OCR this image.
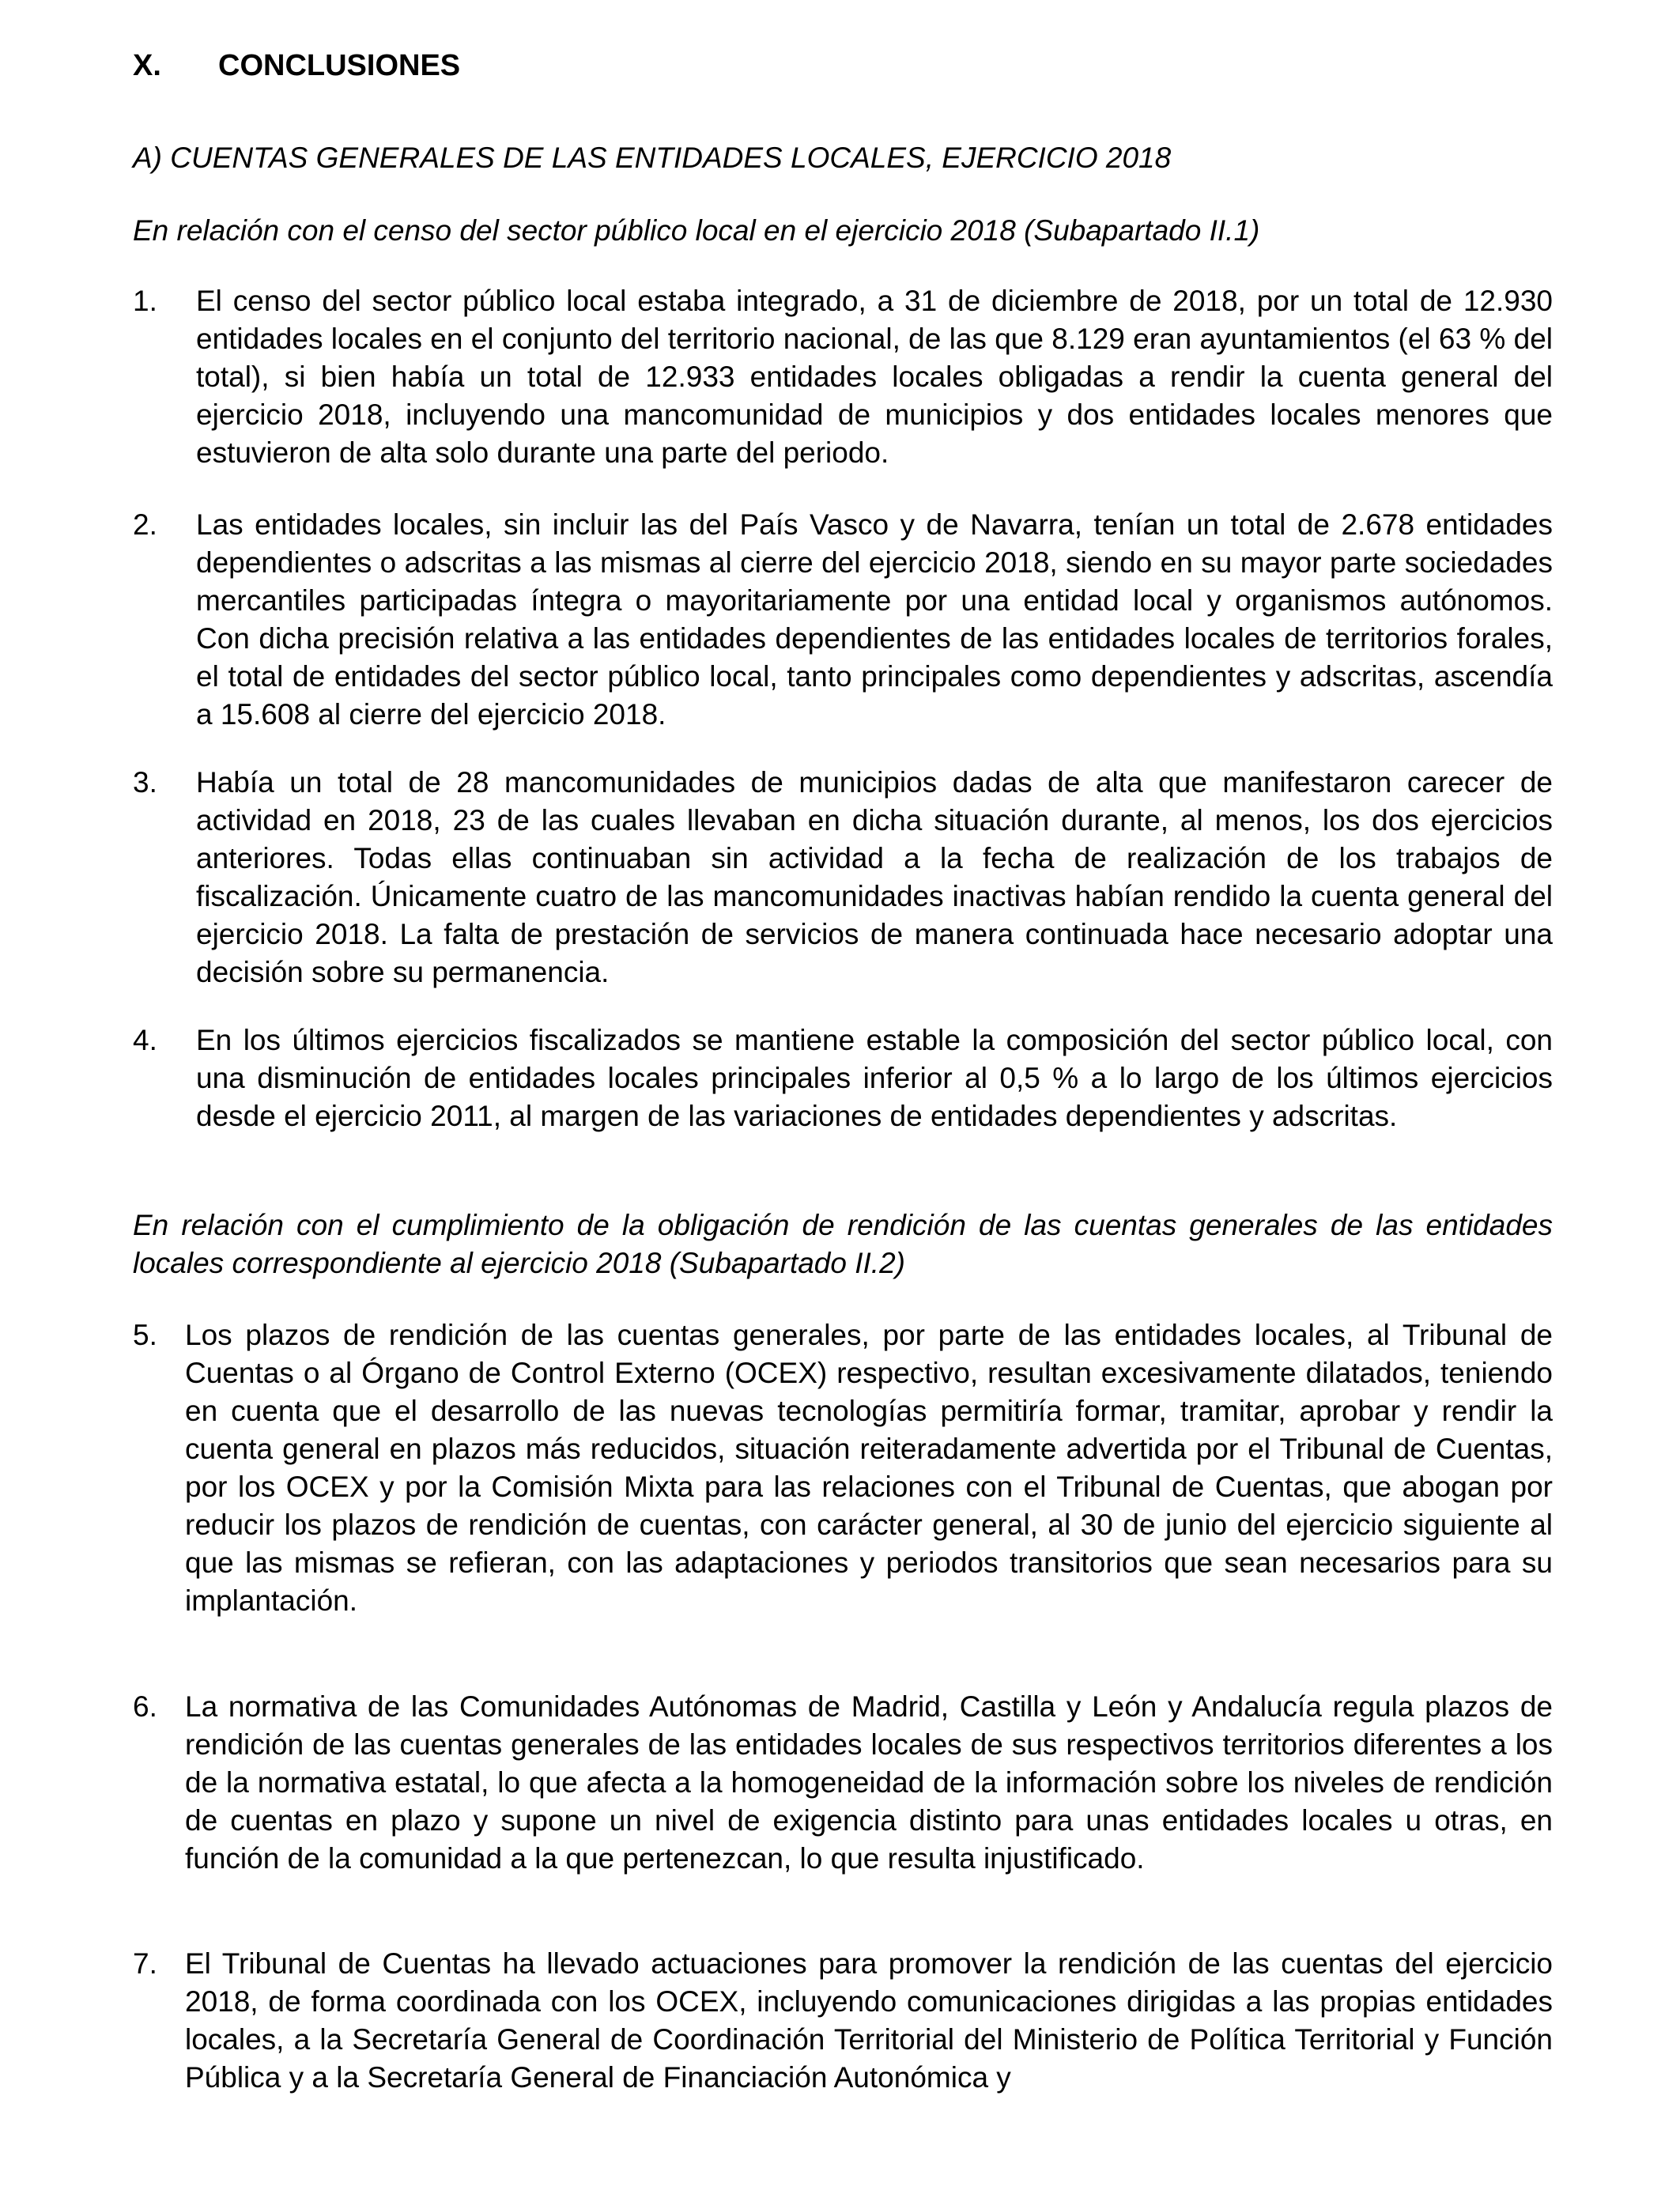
X. CONCLUSIONES
A) CUENTAS GENERALES DE LAS ENTIDADES LOCALES, EJERCICIO 2018
En relación con el censo del sector público local en el ejercicio 2018 (Subapartado II.1)
1.	El censo del sector público local estaba integrado, a 31 de diciembre de 2018, por un total de 12.930 entidades locales en el conjunto del territorio nacional, de las que 8.129 eran ayuntamientos (el 63 % del total), si bien había un total de 12.933 entidades locales obligadas a rendir la cuenta general del ejercicio 2018, incluyendo una mancomunidad de municipios y dos entidades locales menores que estuvieron de alta solo durante una parte del periodo.
2.	Las entidades locales, sin incluir las del País Vasco y de Navarra, tenían un total de 2.678 entidades dependientes o adscritas a las mismas al cierre del ejercicio 2018, siendo en su mayor parte sociedades mercantiles participadas íntegra o mayoritariamente por una entidad local y organismos autónomos. Con dicha precisión relativa a las entidades dependientes de las entidades locales de territorios forales, el total de entidades del sector público local, tanto principales como dependientes y adscritas, ascendía a 15.608 al cierre del ejercicio 2018.
3.	Había un total de 28 mancomunidades de municipios dadas de alta que manifestaron carecer de actividad en 2018, 23 de las cuales llevaban en dicha situación durante, al menos, los dos ejercicios anteriores. Todas ellas continuaban sin actividad a la fecha de realización de los trabajos de fiscalización. Únicamente cuatro de las mancomunidades inactivas habían rendido la cuenta general del ejercicio 2018. La falta de prestación de servicios de manera continuada hace necesario adoptar una decisión sobre su permanencia.
4.	En los últimos ejercicios fiscalizados se mantiene estable la composición del sector público local, con una disminución de entidades locales principales inferior al 0,5 % a lo largo de los últimos ejercicios desde el ejercicio 2011, al margen de las variaciones de entidades dependientes y adscritas.
En relación con el cumplimiento de la obligación de rendición de las cuentas generales de las entidades locales correspondiente al ejercicio 2018 (Subapartado II.2)
5. Los plazos de rendición de las cuentas generales, por parte de las entidades locales, al Tribunal de Cuentas o al Órgano de Control Externo (OCEX) respectivo, resultan excesivamente dilatados, teniendo en cuenta que el desarrollo de las nuevas tecnologías permitiría formar, tramitar, aprobar y rendir la cuenta general en plazos más reducidos, situación reiteradamente advertida por el Tribunal de Cuentas, por los OCEX y por la Comisión Mixta para las relaciones con el Tribunal de Cuentas, que abogan por reducir los plazos de rendición de cuentas, con carácter general, al 30 de junio del ejercicio siguiente al que las mismas se refieran, con las adaptaciones y periodos transitorios que sean necesarios para su implantación.
6. La normativa de las Comunidades Autónomas de Madrid, Castilla y León y Andalucía regula plazos de rendición de las cuentas generales de las entidades locales de sus respectivos territorios diferentes a los de la normativa estatal, lo que afecta a la homogeneidad de la información sobre los niveles de rendición de cuentas en plazo y supone un nivel de exigencia distinto para unas entidades locales u otras, en función de la comunidad a la que pertenezcan, lo que resulta injustificado.
7. El Tribunal de Cuentas ha llevado actuaciones para promover la rendición de las cuentas del ejercicio 2018, de forma coordinada con los OCEX, incluyendo comunicaciones dirigidas a las propias entidades locales, a la Secretaría General de Coordinación Territorial del Ministerio de Política Territorial y Función Pública y a la Secretaría General de Financiación Autonómica y
